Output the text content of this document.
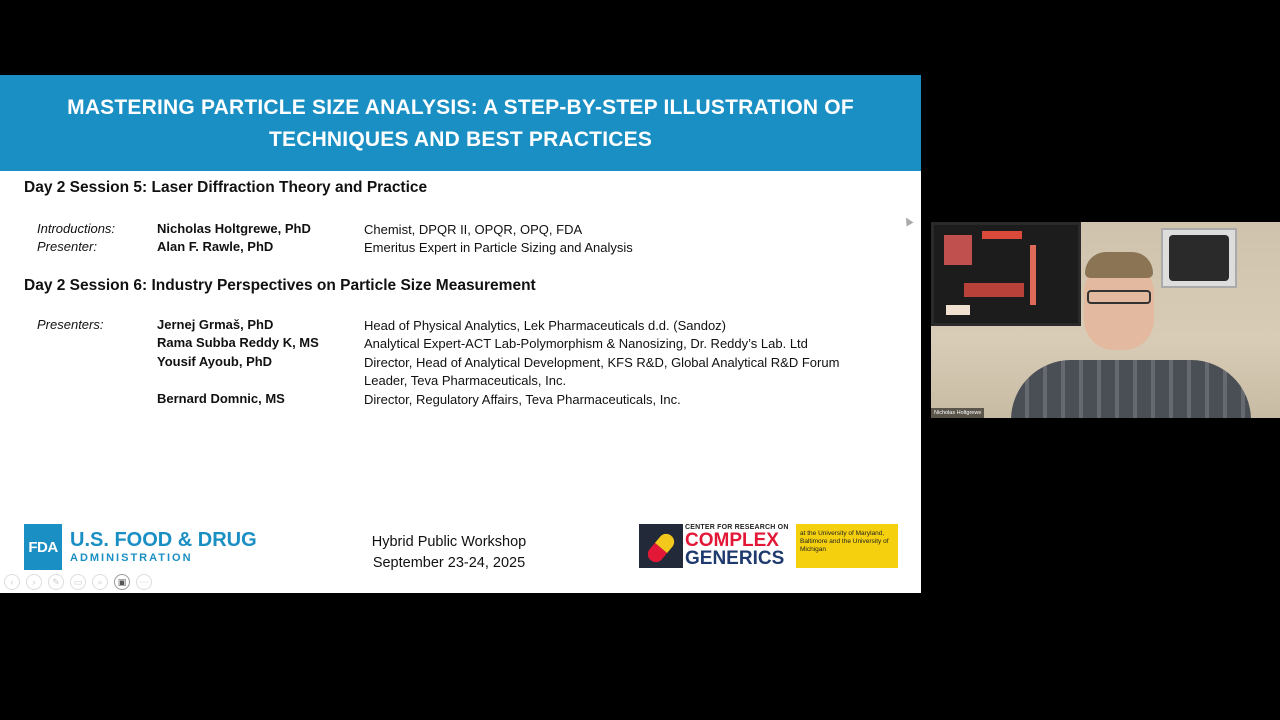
MASTERING PARTICLE SIZE ANALYSIS: A STEP-BY-STEP ILLUSTRATION OF
TECHNIQUES AND BEST PRACTICES
Day 2 Session 5: Laser Diffraction Theory and Practice
Introductions:	Nicholas Holtgrewe, PhD	Chemist, DPQR II, OPQR, OPQ, FDA
Presenter:	Alan F. Rawle, PhD	Emeritus Expert in Particle Sizing and Analysis
Day 2 Session 6: Industry Perspectives on Particle Size Measurement
Presenters:	Jernej Grmaš, PhD	Head of Physical Analytics, Lek Pharmaceuticals d.d. (Sandoz)
Rama Subba Reddy K, MS	Analytical Expert-ACT Lab-Polymorphism & Nanosizing, Dr. Reddy’s Lab. Ltd
Yousif Ayoub, PhD	Director, Head of Analytical Development, KFS R&D, Global Analytical R&D Forum
Leader, Teva Pharmaceuticals, Inc.
Bernard Domnic, MS	Director, Regulatory Affairs, Teva Pharmaceuticals, Inc.
FDA U.S. FOOD & DRUG
ADMINISTRATION
Hybrid Public Workshop
September 23-24, 2025
CENTER FOR RESEARCH ON
COMPLEX
GENERICS
at the University of Maryland, Baltimore and the University of Michigan
‹	›	✎	▭	⌕	▣	⋯
Nicholas Holtgrewe
